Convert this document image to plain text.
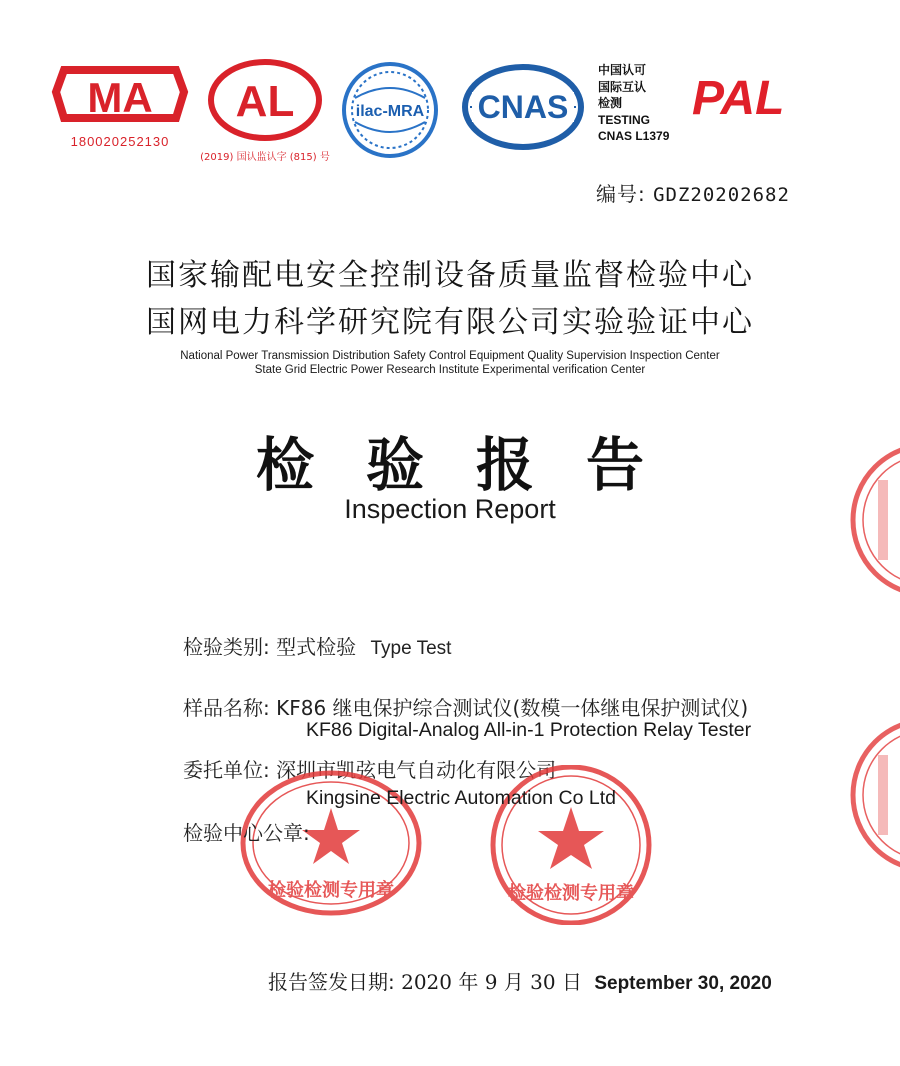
MA
180020252130
AL
(2019) 国认监认字 (815) 号
ilac-MRA CNAS
中国认可
国际互认
检测
TESTING
CNAS L1379
PAL
编号: GDZ20202682
国家输配电安全控制设备质量监督检验中心
国网电力科学研究院有限公司实验验证中心
National Power Transmission Distribution Safety Control Equipment Quality Supervision Inspection Center
State Grid Electric Power Research Institute Experimental verification Center
检 验 报 告
Inspection Report
检验类别: 型式检验 Type Test
样品名称: KF86 继电保护综合测试仪(数模一体继电保护测试仪)
KF86 Digital-Analog All-in-1 Protection Relay Tester
委托单位: 深圳市凯弦电气自动化有限公司
Kingsine Electric Automation Co Ltd
检验中心公章:
检验检测专用章	检验检测专用章
报告签发日期: 2020 年 9 月 30 日 September 30, 2020
